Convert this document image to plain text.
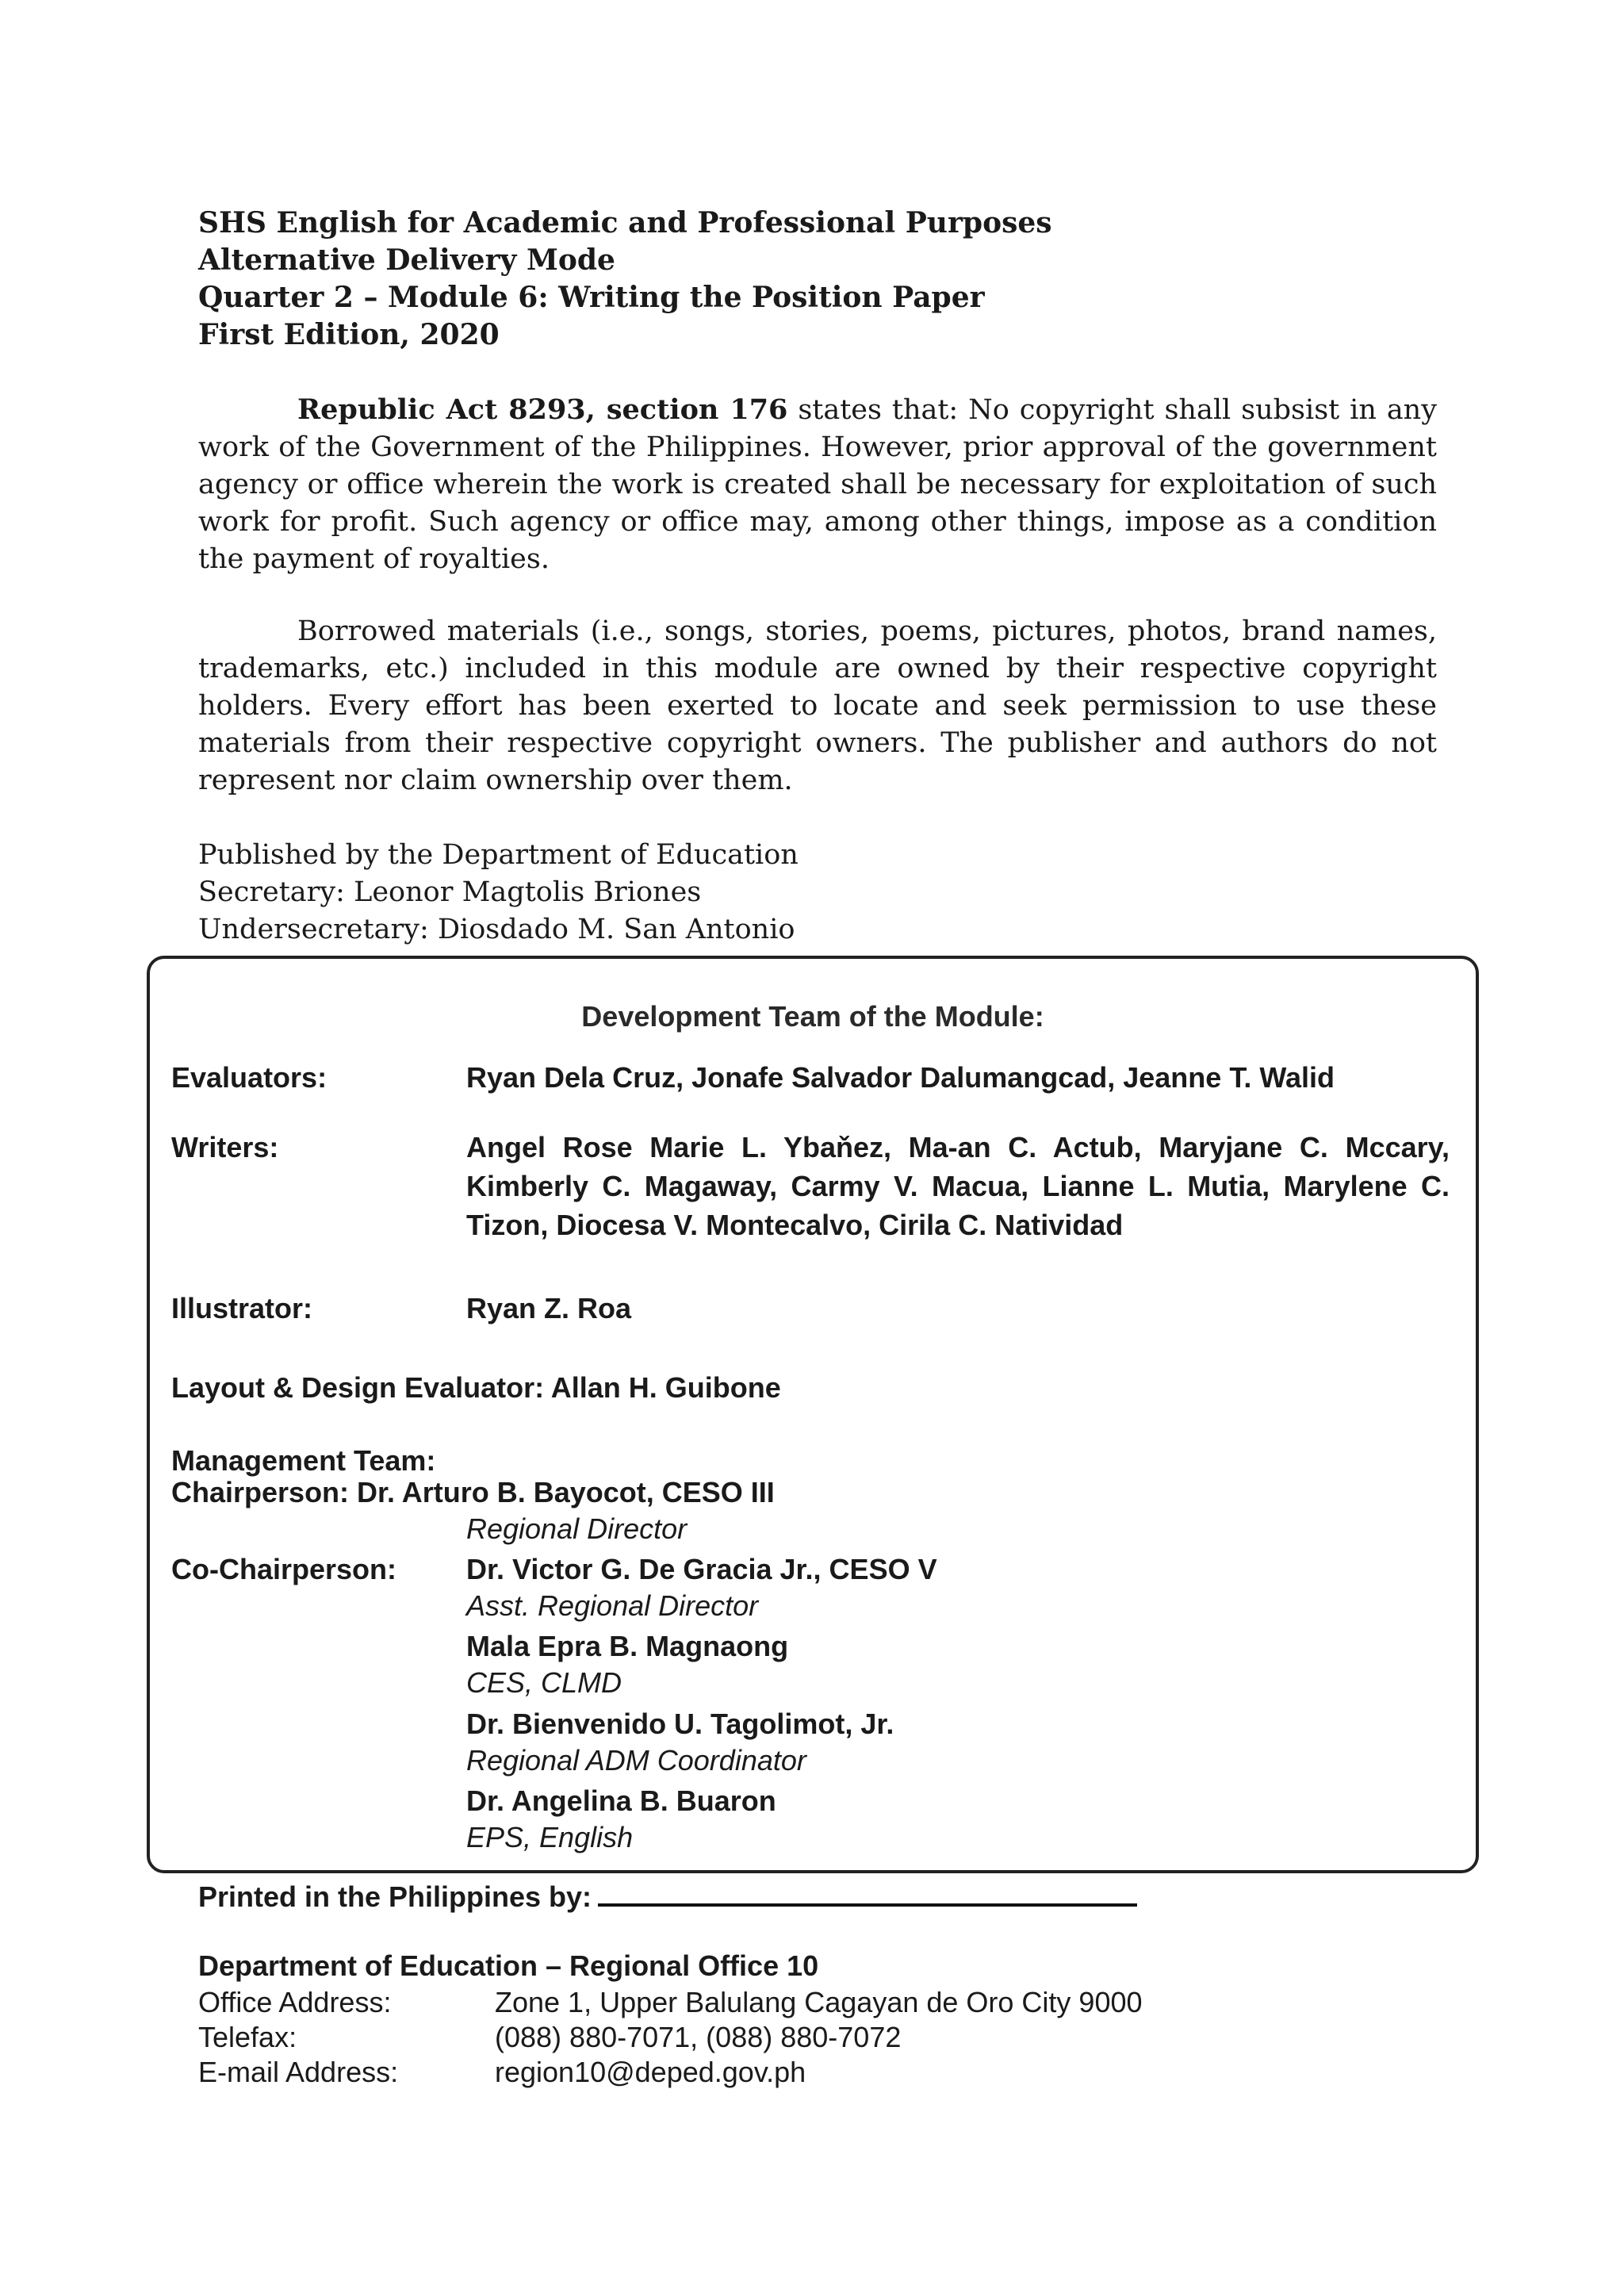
SHS English for Academic and Professional Purposes
Alternative Delivery Mode
Quarter 2 – Module 6: Writing the Position Paper
First Edition, 2020

Republic Act 8293, section 176 states that: No copyright shall subsist in any work of the Government of the Philippines. However, prior approval of the government agency or office wherein the work is created shall be necessary for exploitation of such work for profit. Such agency or office may, among other things, impose as a condition the payment of royalties.

Borrowed materials (i.e., songs, stories, poems, pictures, photos, brand names, trademarks, etc.) included in this module are owned by their respective copyright holders. Every effort has been exerted to locate and seek permission to use these materials from their respective copyright owners. The publisher and authors do not represent nor claim ownership over them.

Published by the Department of Education
Secretary: Leonor Magtolis Briones
Undersecretary: Diosdado M. San Antonio
Development Team of the Module:
Evaluators:	Ryan Dela Cruz, Jonafe Salvador Dalumangcad, Jeanne T. Walid
Writers:	Angel Rose Marie L. Ybaňez, Ma-an C. Actub, Maryjane C. Mccary, Kimberly C. Magaway, Carmy V. Macua, Lianne L. Mutia, Marylene C. Tizon, Diocesa V. Montecalvo, Cirila C. Natividad
Illustrator:	Ryan Z. Roa
Layout & Design Evaluator: Allan H. Guibone
Management Team:
Chairperson: Dr. Arturo B. Bayocot, CESO III
Regional Director
Co-Chairperson: Dr. Victor G. De Gracia Jr., CESO V
Asst. Regional Director
Mala Epra B. Magnaong
CES, CLMD
Dr. Bienvenido U. Tagolimot, Jr.
Regional ADM Coordinator
Dr. Angelina B. Buaron
EPS, English
Printed in the Philippines by:
Department of Education – Regional Office 10
Office Address:	Zone 1, Upper Balulang Cagayan de Oro City 9000
Telefax:	(088) 880-7071, (088) 880-7072
E-mail Address:	region10@deped.gov.ph
